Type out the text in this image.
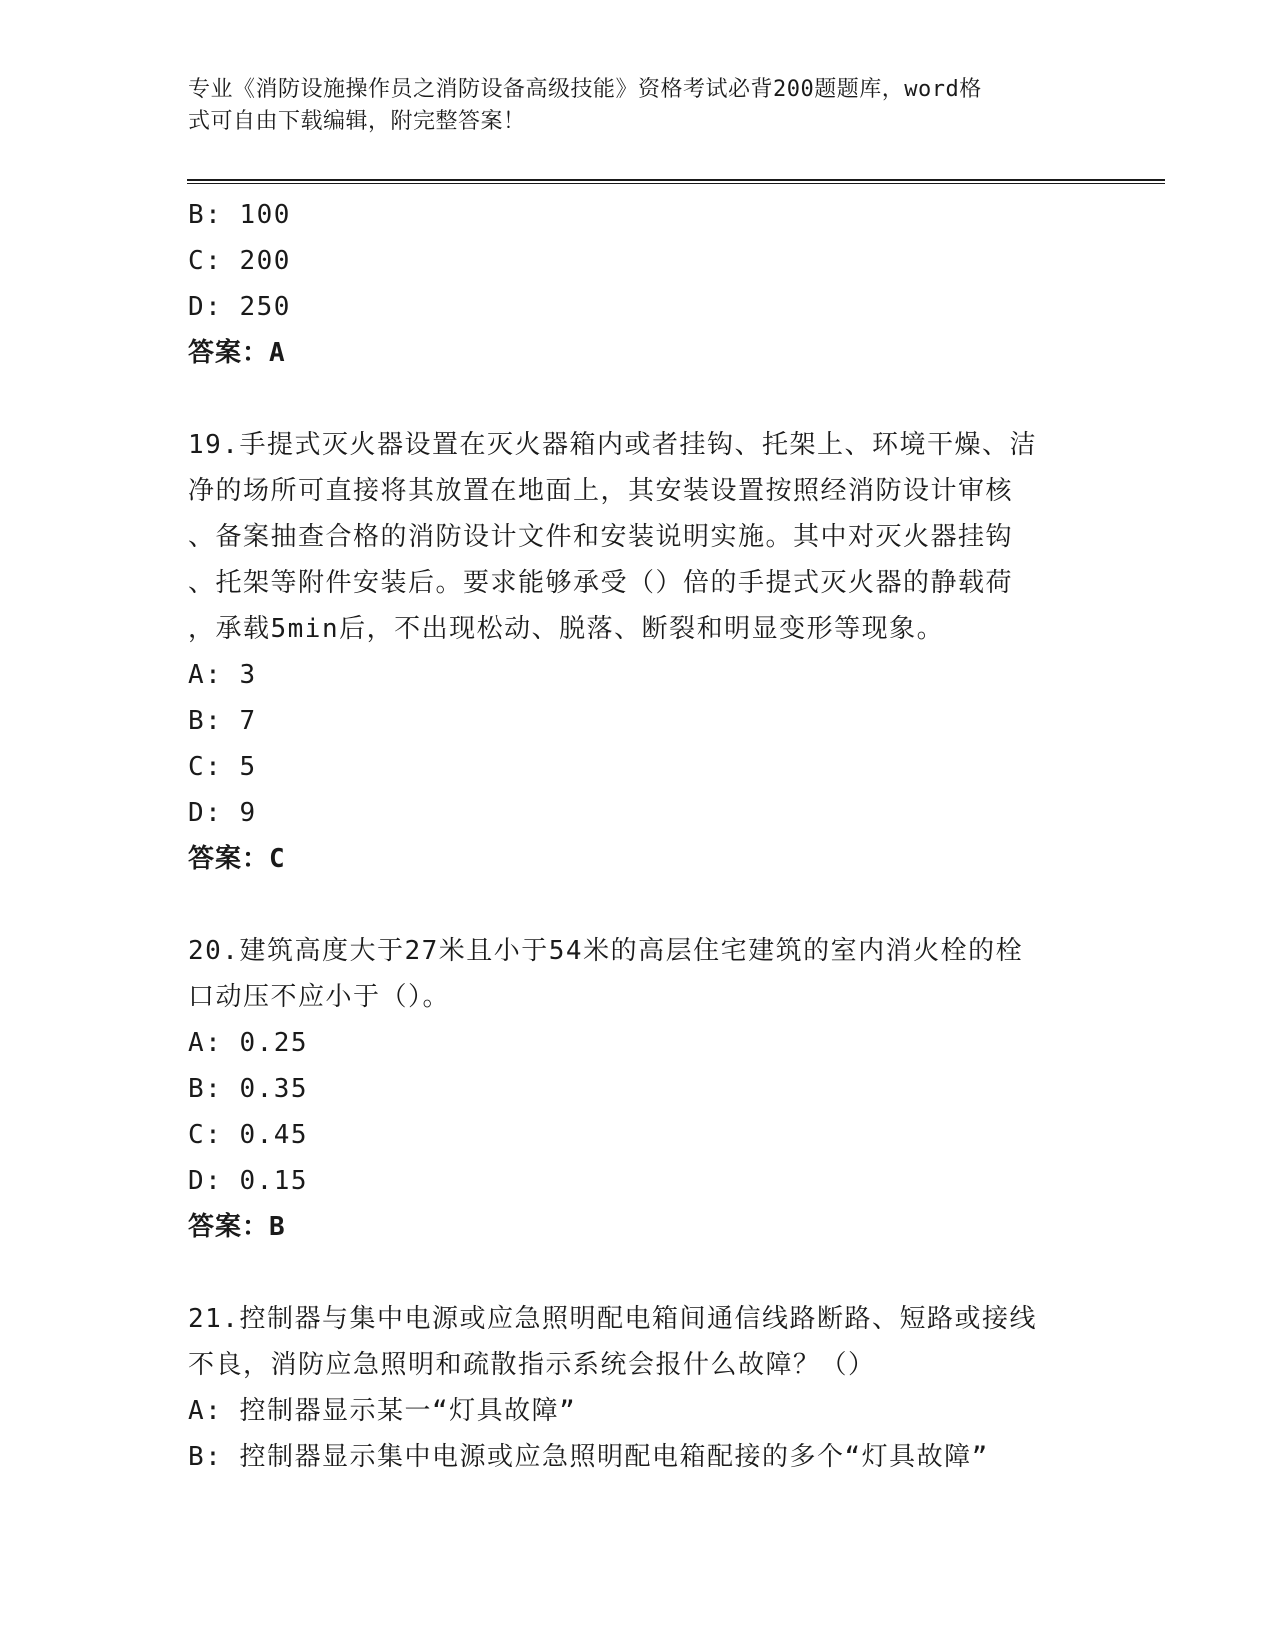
专业《消防设施操作员之消防设备高级技能》资格考试必背200题题库，word格
式可自由下载编辑，附完整答案！
B: 100
C: 200
D: 250
答案：A
19.手提式灭火器设置在灭火器箱内或者挂钩、托架上、环境干燥、洁
净的场所可直接将其放置在地面上，其安装设置按照经消防设计审核
、备案抽查合格的消防设计文件和安装说明实施。其中对灭火器挂钩
、托架等附件安装后。要求能够承受（）倍的手提式灭火器的静载荷
，承载5min后，不出现松动、脱落、断裂和明显变形等现象。
A: 3
B: 7
C: 5
D: 9
答案：C
20.建筑高度大于27米且小于54米的高层住宅建筑的室内消火栓的栓
口动压不应小于（）。
A: 0.25
B: 0.35
C: 0.45
D: 0.15
答案：B
21.控制器与集中电源或应急照明配电箱间通信线路断路、短路或接线
不良，消防应急照明和疏散指示系统会报什么故障？（）
A: 控制器显示某一“灯具故障”
B: 控制器显示集中电源或应急照明配电箱配接的多个“灯具故障”
